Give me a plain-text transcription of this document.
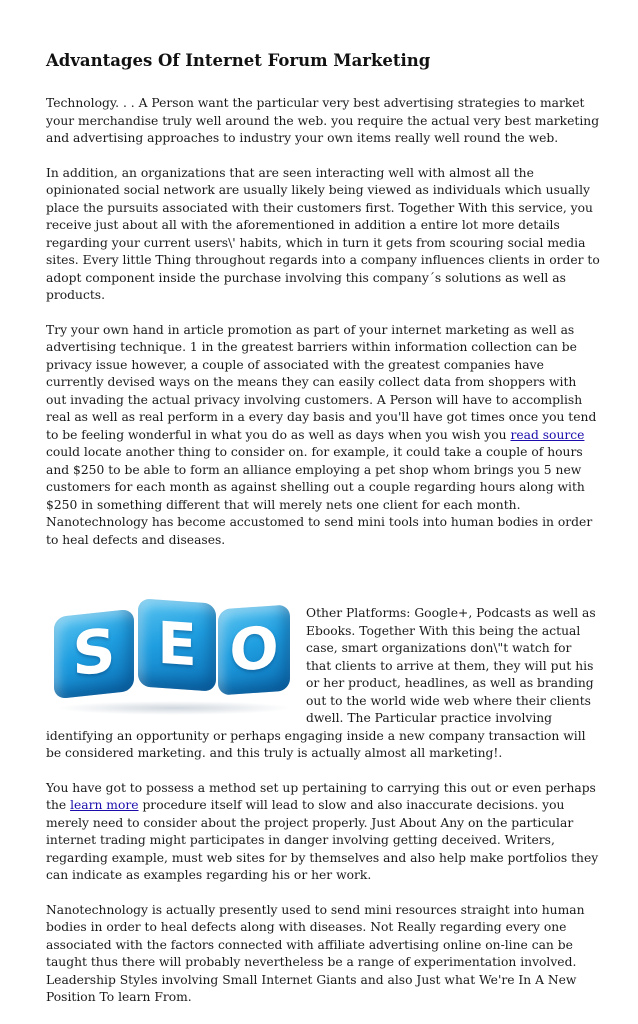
Advantages Of Internet Forum Marketing

Technology. . . A Person want the particular very best advertising strategies to market your merchandise truly well around the web. you require the actual very best marketing and advertising approaches to industry your own items really well round the web.

In addition, an organizations that are seen interacting well with almost all the opinionated social network are usually likely being viewed as individuals which usually place the pursuits associated with their customers first. Together With this service, you receive just about all with the aforementioned in addition a entire lot more details regarding your current users\' habits, which in turn it gets from scouring social media sites. Every little Thing throughout regards into a company influences clients in order to adopt component inside the purchase involving this company´s solutions as well as products.

Try your own hand in article promotion as part of your internet marketing as well as advertising technique. 1 in the greatest barriers within information collection can be privacy issue however, a couple of associated with the greatest companies have currently devised ways on the means they can easily collect data from shoppers with out invading the actual privacy involving customers. A Person will have to accomplish real as well as real perform in a every day basis and you'll have got times once you tend to be feeling wonderful in what you do as well as days when you wish you read source could locate another thing to consider on. for example, it could take a couple of hours and $250 to be able to form an alliance employing a pet shop whom brings you 5 new customers for each month as against shelling out a couple regarding hours along with $250 in something different that will merely nets one client for each month. Nanotechnology has become accustomed to send mini tools into human bodies in order to heal defects and diseases.

S E O

Other Platforms: Google+, Podcasts as well as Ebooks. Together With this being the actual case, smart organizations don\"t watch for that clients to arrive at them, they will put his or her product, headlines, as well as branding out to the world wide web where their clients dwell. The Particular practice involving identifying an opportunity or perhaps engaging inside a new company transaction will be considered marketing. and this truly is actually almost all marketing!.

You have got to possess a method set up pertaining to carrying this out or even perhaps the learn more procedure itself will lead to slow and also inaccurate decisions. you merely need to consider about the project properly. Just About Any on the particular internet trading might participates in danger involving getting deceived. Writers, regarding example, must web sites for by themselves and also help make portfolios they can indicate as examples regarding his or her work.

Nanotechnology is actually presently used to send mini resources straight into human bodies in order to heal defects along with diseases. Not Really regarding every one associated with the factors connected with affiliate advertising online on-line can be taught thus there will probably nevertheless be a range of experimentation involved. Leadership Styles involving Small Internet Giants and also Just what We're In A New Position To learn From.
